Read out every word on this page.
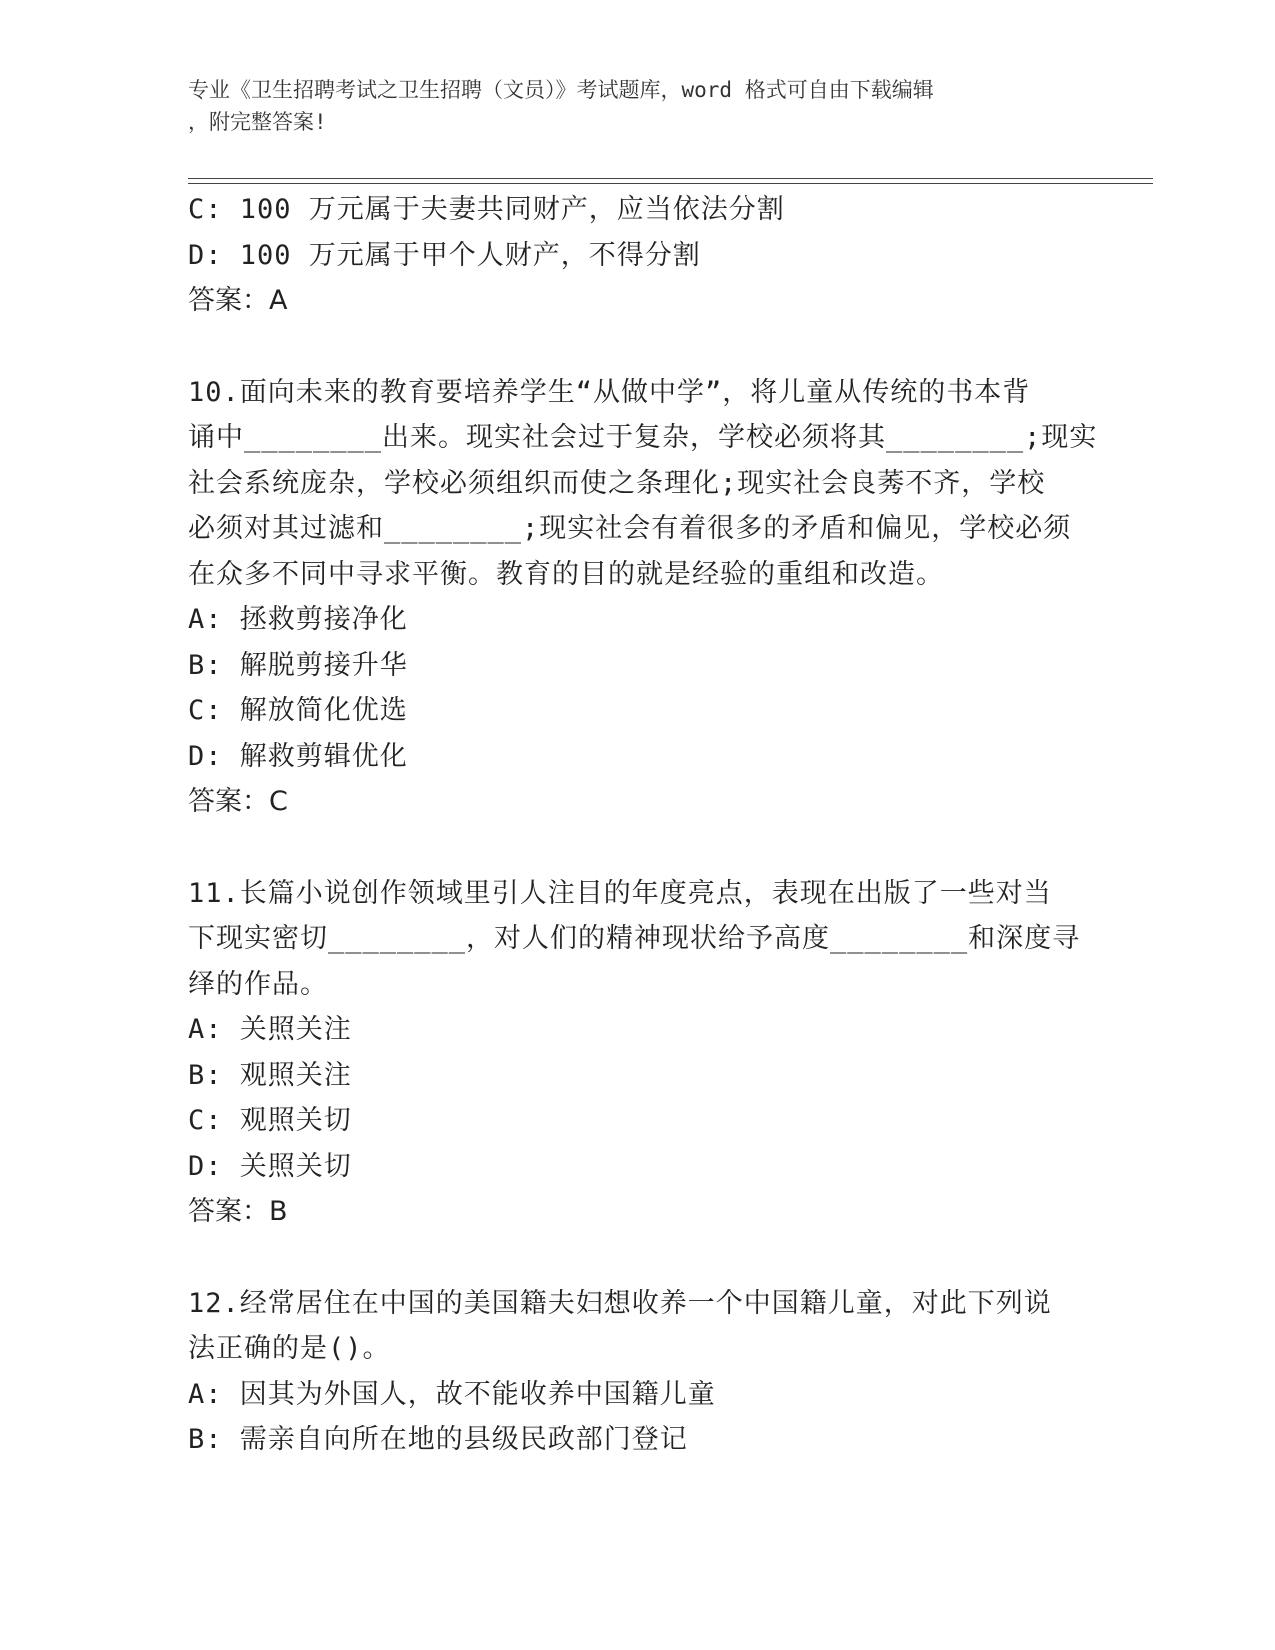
专业《卫生招聘考试之卫生招聘（文员）》考试题库，word 格式可自由下载编辑
，附完整答案!
C: 100 万元属于夫妻共同财产，应当依法分割
D: 100 万元属于甲个人财产，不得分割
答案：A
10.面向未来的教育要培养学生“从做中学”，将儿童从传统的书本背
诵中________出来。现实社会过于复杂，学校必须将其________;现实
社会系统庞杂，学校必须组织而使之条理化;现实社会良莠不齐，学校
必须对其过滤和________;现实社会有着很多的矛盾和偏见，学校必须
在众多不同中寻求平衡。教育的目的就是经验的重组和改造。
A: 拯救剪接净化
B: 解脱剪接升华
C: 解放简化优选
D: 解救剪辑优化
答案：C
11.长篇小说创作领域里引人注目的年度亮点，表现在出版了一些对当
下现实密切________，对人们的精神现状给予高度________和深度寻
绎的作品。
A: 关照关注
B: 观照关注
C: 观照关切
D: 关照关切
答案：B
12.经常居住在中国的美国籍夫妇想收养一个中国籍儿童，对此下列说
法正确的是()。
A: 因其为外国人，故不能收养中国籍儿童
B: 需亲自向所在地的县级民政部门登记
